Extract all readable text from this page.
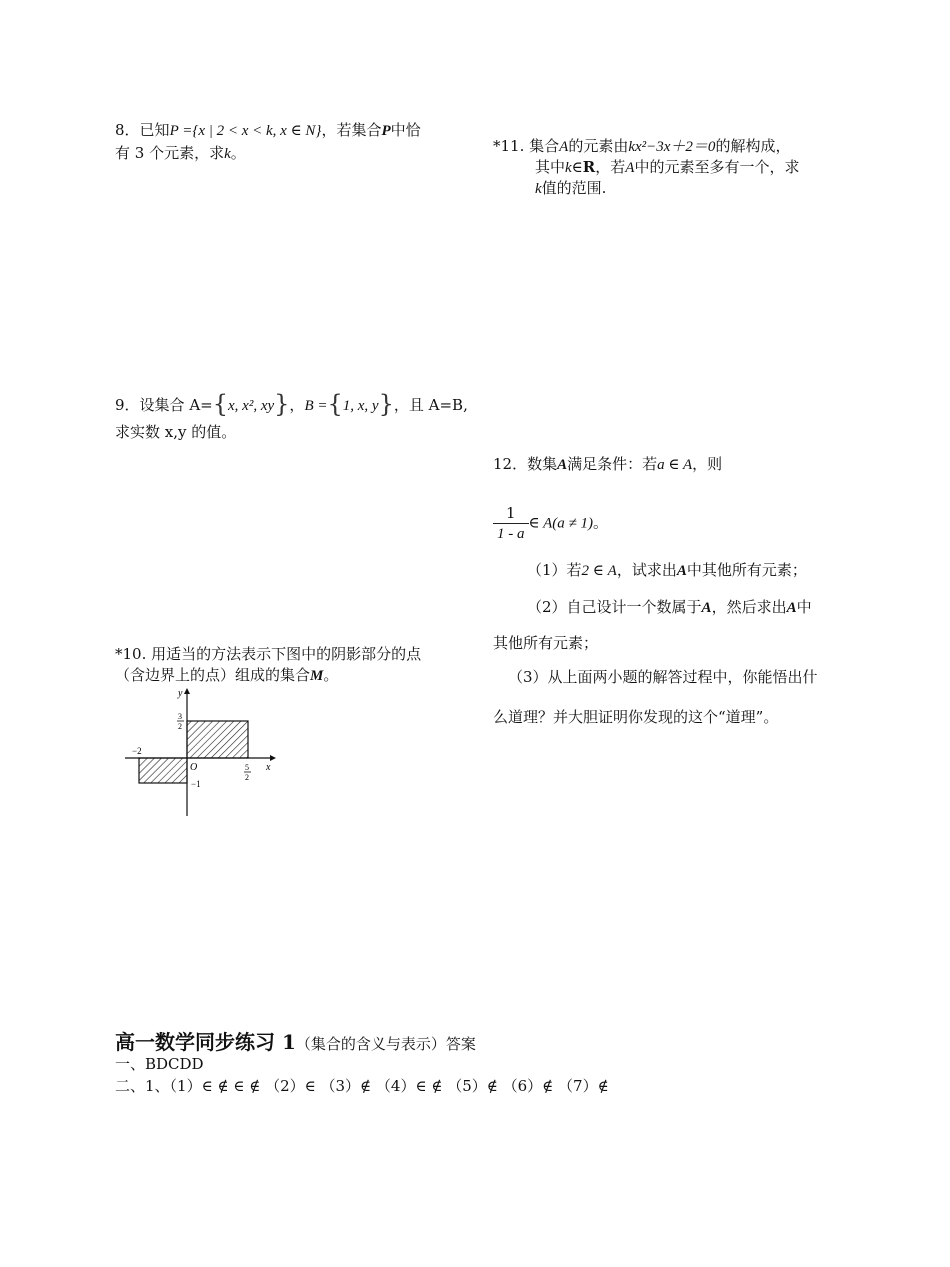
8．已知P ={x | 2 < x < k, x ∈ N}，若集合P中恰
有 3 个元素，求k。
9．设集合 A={x, x², xy}，B ={1, x, y}，且 A=B,
求实数 x,y 的值。
*10. 用适当的方法表示下图中的阴影部分的点
（含边界上的点）组成的集合M。
y
x
O
−2
−1
3
2
5
2
*11. 集合A的元素由kx²−3x＋2＝0的解构成，
其中k∈R，若A中的元素至多有一个，求
k值的范围.
12．数集A满足条件：若a ∈ A，则
$\frac{1}{1 - a}$ ∈ A(a ≠ 1)。
（1）若2 ∈ A，试求出A中其他所有元素；
（2）自己设计一个数属于A，然后求出A中
其他所有元素；
（3）从上面两小题的解答过程中，你能悟出什
么道理？并大胆证明你发现的这个“道理”。
高一数学同步练习 1（集合的含义与表示）答案
一、BDCDD
二、1、（1）∈ ∉ ∈ ∉ （2）∈ （3）∉ （4）∈ ∉ （5）∉ （6）∉ （7）∉
